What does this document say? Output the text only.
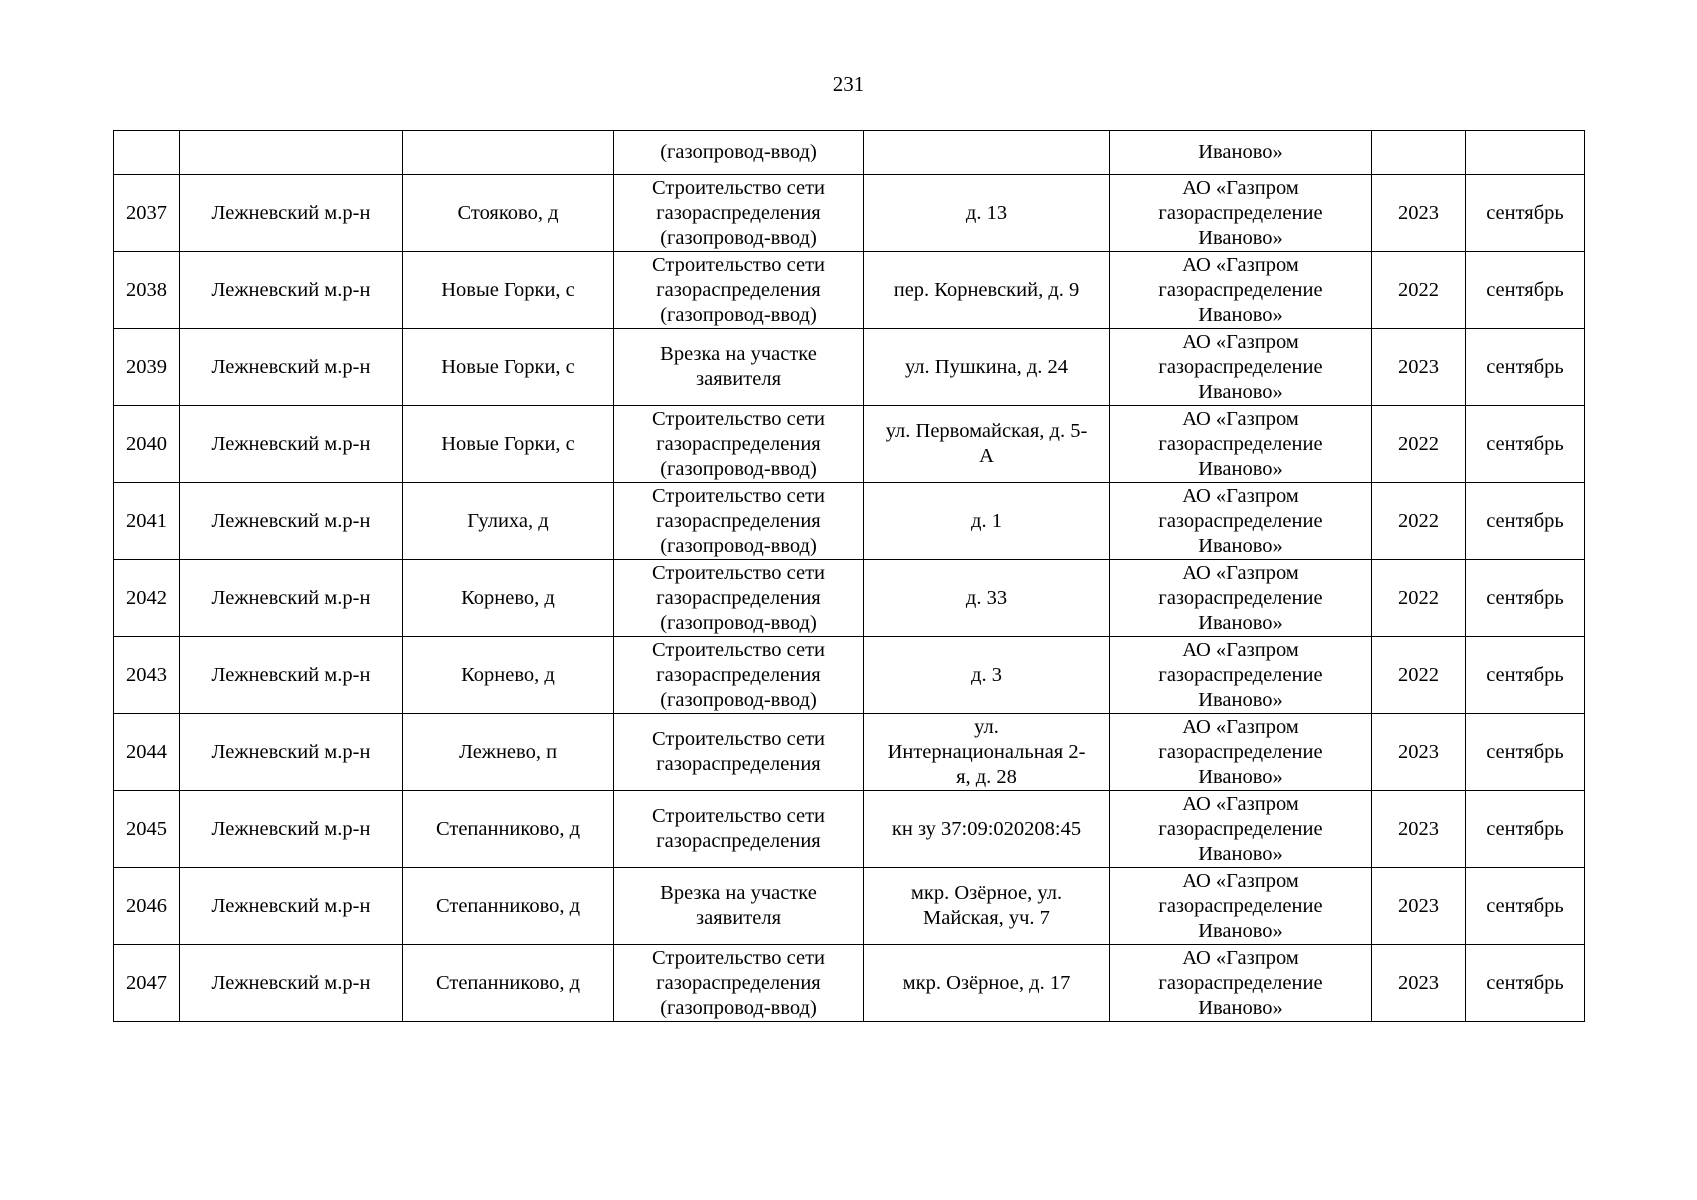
231
			(газопровод-ввод)		Иваново»		
2037	Лежневский м.р-н	Стояково, д	Строительство сети
газораспределения
(газопровод-ввод)	д. 13	АО «Газпром
газораспределение
Иваново»	2023	сентябрь
2038	Лежневский м.р-н	Новые Горки, с	Строительство сети
газораспределения
(газопровод-ввод)	пер. Корневский, д. 9	АО «Газпром
газораспределение
Иваново»	2022	сентябрь
2039	Лежневский м.р-н	Новые Горки, с	Врезка на участке
заявителя	ул. Пушкина, д. 24	АО «Газпром
газораспределение
Иваново»	2023	сентябрь
2040	Лежневский м.р-н	Новые Горки, с	Строительство сети
газораспределения
(газопровод-ввод)	ул. Первомайская, д. 5-
А	АО «Газпром
газораспределение
Иваново»	2022	сентябрь
2041	Лежневский м.р-н	Гулиха, д	Строительство сети
газораспределения
(газопровод-ввод)	д. 1	АО «Газпром
газораспределение
Иваново»	2022	сентябрь
2042	Лежневский м.р-н	Корнево, д	Строительство сети
газораспределения
(газопровод-ввод)	д. 33	АО «Газпром
газораспределение
Иваново»	2022	сентябрь
2043	Лежневский м.р-н	Корнево, д	Строительство сети
газораспределения
(газопровод-ввод)	д. 3	АО «Газпром
газораспределение
Иваново»	2022	сентябрь
2044	Лежневский м.р-н	Лежнево, п	Строительство сети
газораспределения	ул.
Интернациональная 2-
я, д. 28	АО «Газпром
газораспределение
Иваново»	2023	сентябрь
2045	Лежневский м.р-н	Степанниково, д	Строительство сети
газораспределения	кн зу 37:09:020208:45	АО «Газпром
газораспределение
Иваново»	2023	сентябрь
2046	Лежневский м.р-н	Степанниково, д	Врезка на участке
заявителя	мкр. Озёрное, ул.
Майская, уч. 7	АО «Газпром
газораспределение
Иваново»	2023	сентябрь
2047	Лежневский м.р-н	Степанниково, д	Строительство сети
газораспределения
(газопровод-ввод)	мкр. Озёрное, д. 17	АО «Газпром
газораспределение
Иваново»	2023	сентябрь
